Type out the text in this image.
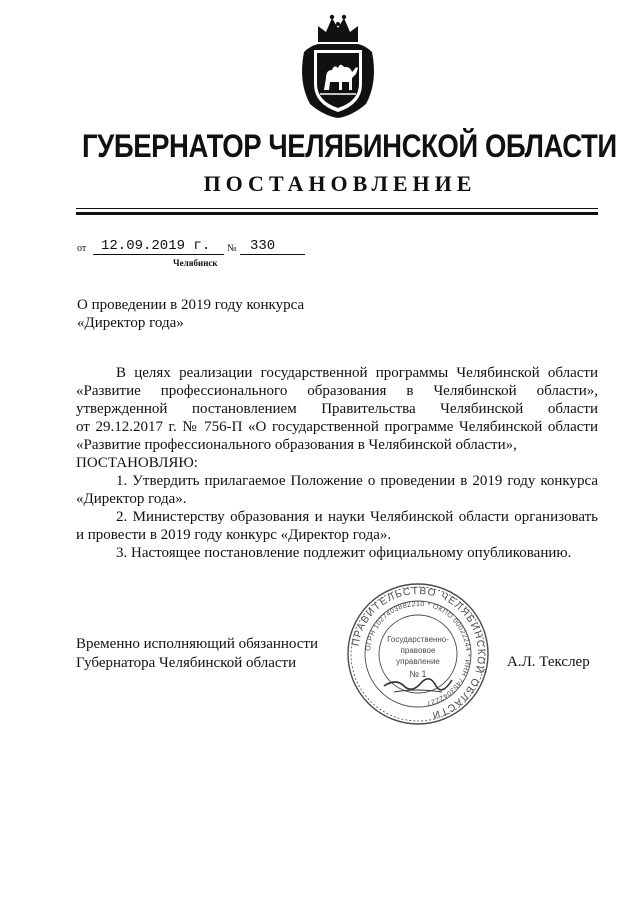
ГУБЕРНАТОР ЧЕЛЯБИНСКОЙ ОБЛАСТИ
ПОСТАНОВЛЕНИЕ
от	12.09.2019 г.	№ 330
Челябинск
О проведении в 2019 году конкурса
«Директор года»

В целях реализации государственной программы Челябинской области

«Развитие профессионального образования в Челябинской области»,

утвержденной постановлением Правительства Челябинской области

от 29.12.2017 г. № 756-П «О государственной программе Челябинской области

«Развитие профессионального образования в Челябинской области»,

ПОСТАНОВЛЯЮ:

1. Утвердить прилагаемое Положение о проведении в 2019 году конкурса

«Директор года».

2. Министерству образования и науки Челябинской области организовать

и провести в 2019 году конкурс «Директор года».

3. Настоящее постановление подлежит официальному опубликованию.

Временно исполняющий обязанности
Губернатора Челябинской области	А.Л. Текслер
ПРАВИТЕЛЬСТВО ЧЕЛЯБИНСКОЙ ОБЛАСТИ
ОГРН 1027403882210 * ОКПО 00022244 * ИНН 7453042227
Государственно-
правовое
управление
№ 1
